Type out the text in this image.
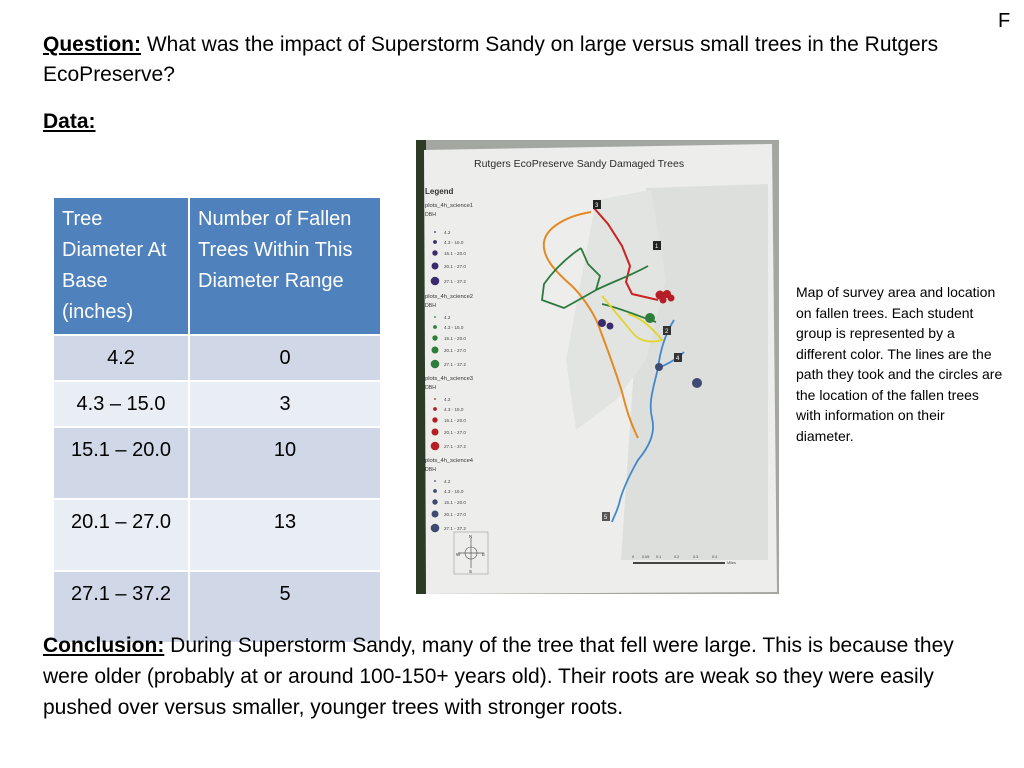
F
Question: What was the impact of Superstorm Sandy on large versus small trees in the Rutgers EcoPreserve?
Data:
Tree Diameter At Base (inches)	Number of Fallen Trees Within This Diameter Range
4.2	0
4.3 – 15.0	3
15.1 – 20.0	10
20.1 – 27.0	13
27.1 – 37.2	5
Rutgers EcoPreserve Sandy Damaged Trees
Legend
plots_4h_science1
DBH
4.2
4.3 - 15.0
15.1 - 20.0
20.1 - 27.0
27.1 - 37.2
plots_4h_science2
DBH
4.2
4.3 - 15.0
15.1 - 20.0
20.1 - 27.0
27.1 - 37.2
plots_4h_science3
DBH
4.2
4.3 - 15.0
15.1 - 20.0
20.1 - 27.0
27.1 - 37.2
plots_4h_science4
DBH
4.2
4.3 - 15.0
15.1 - 20.0
20.1 - 27.0
27.1 - 37.2
3
1
2
4
5
N
S
E
W	0 0.05 0.1	0.2	0.3	0.4
Miles
Map of survey area and location on fallen trees. Each student group is represented by a different color. The lines are the path they took and the circles are the location of the fallen trees with information on their diameter.
Conclusion: During Superstorm Sandy, many of the tree that fell were large. This is because they were older (probably at or around 100-150+ years old). Their roots are weak so they were easily pushed over versus smaller, younger trees with stronger roots.
